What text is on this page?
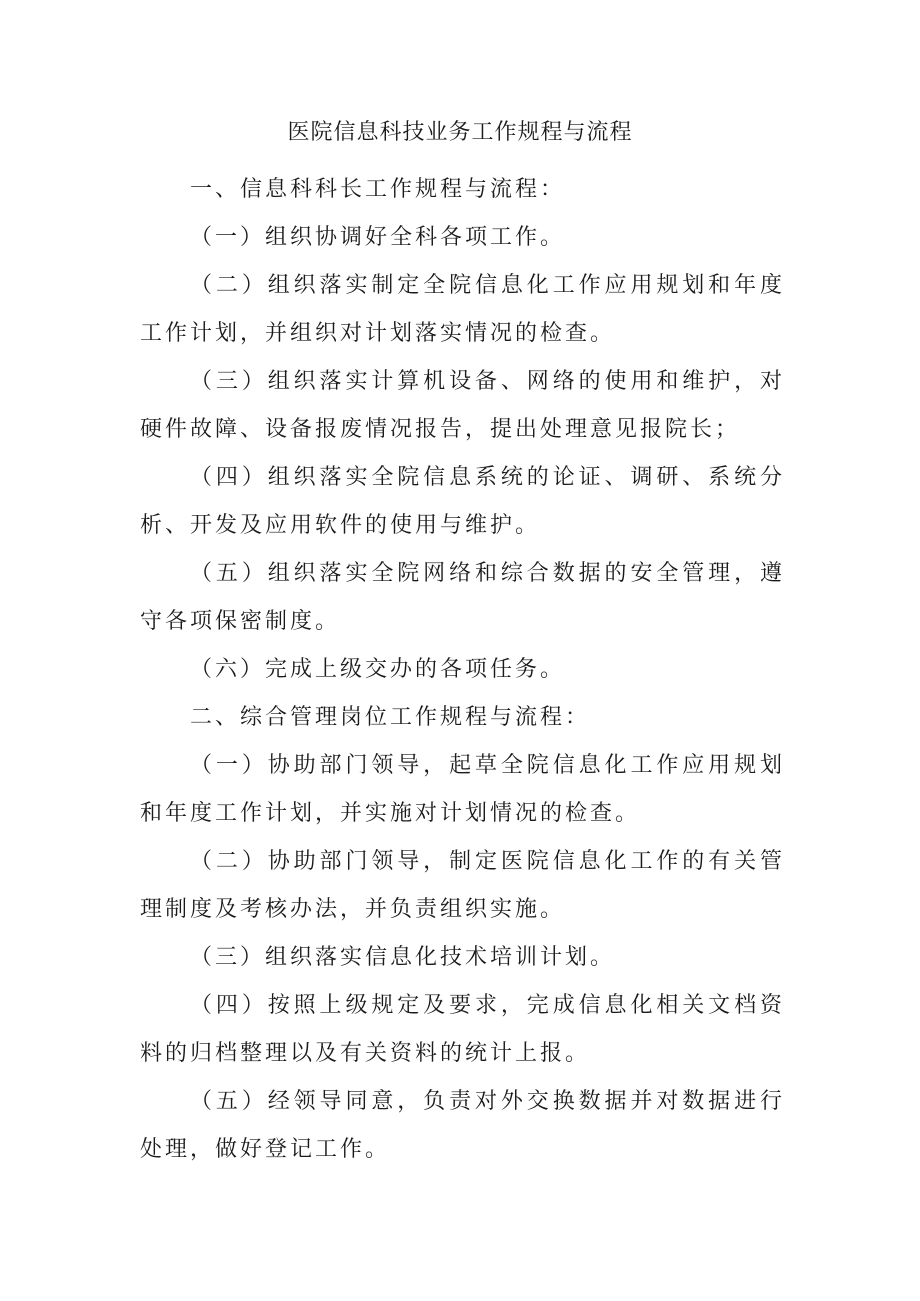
医院信息科技业务工作规程与流程

一、信息科科长工作规程与流程：

（一）组织协调好全科各项工作。

（二）组织落实制定全院信息化工作应用规划和年度工作计划，并组织对计划落实情况的检查。

（三）组织落实计算机设备、网络的使用和维护，对硬件故障、设备报废情况报告，提出处理意见报院长；

（四）组织落实全院信息系统的论证、调研、系统分析、开发及应用软件的使用与维护。

（五）组织落实全院网络和综合数据的安全管理，遵守各项保密制度。

（六）完成上级交办的各项任务。

二、综合管理岗位工作规程与流程：

（一）协助部门领导，起草全院信息化工作应用规划和年度工作计划，并实施对计划情况的检查。

（二）协助部门领导，制定医院信息化工作的有关管理制度及考核办法，并负责组织实施。

（三）组织落实信息化技术培训计划。

（四）按照上级规定及要求，完成信息化相关文档资料的归档整理以及有关资料的统计上报。

（五）经领导同意，负责对外交换数据并对数据进行处理，做好登记工作。
